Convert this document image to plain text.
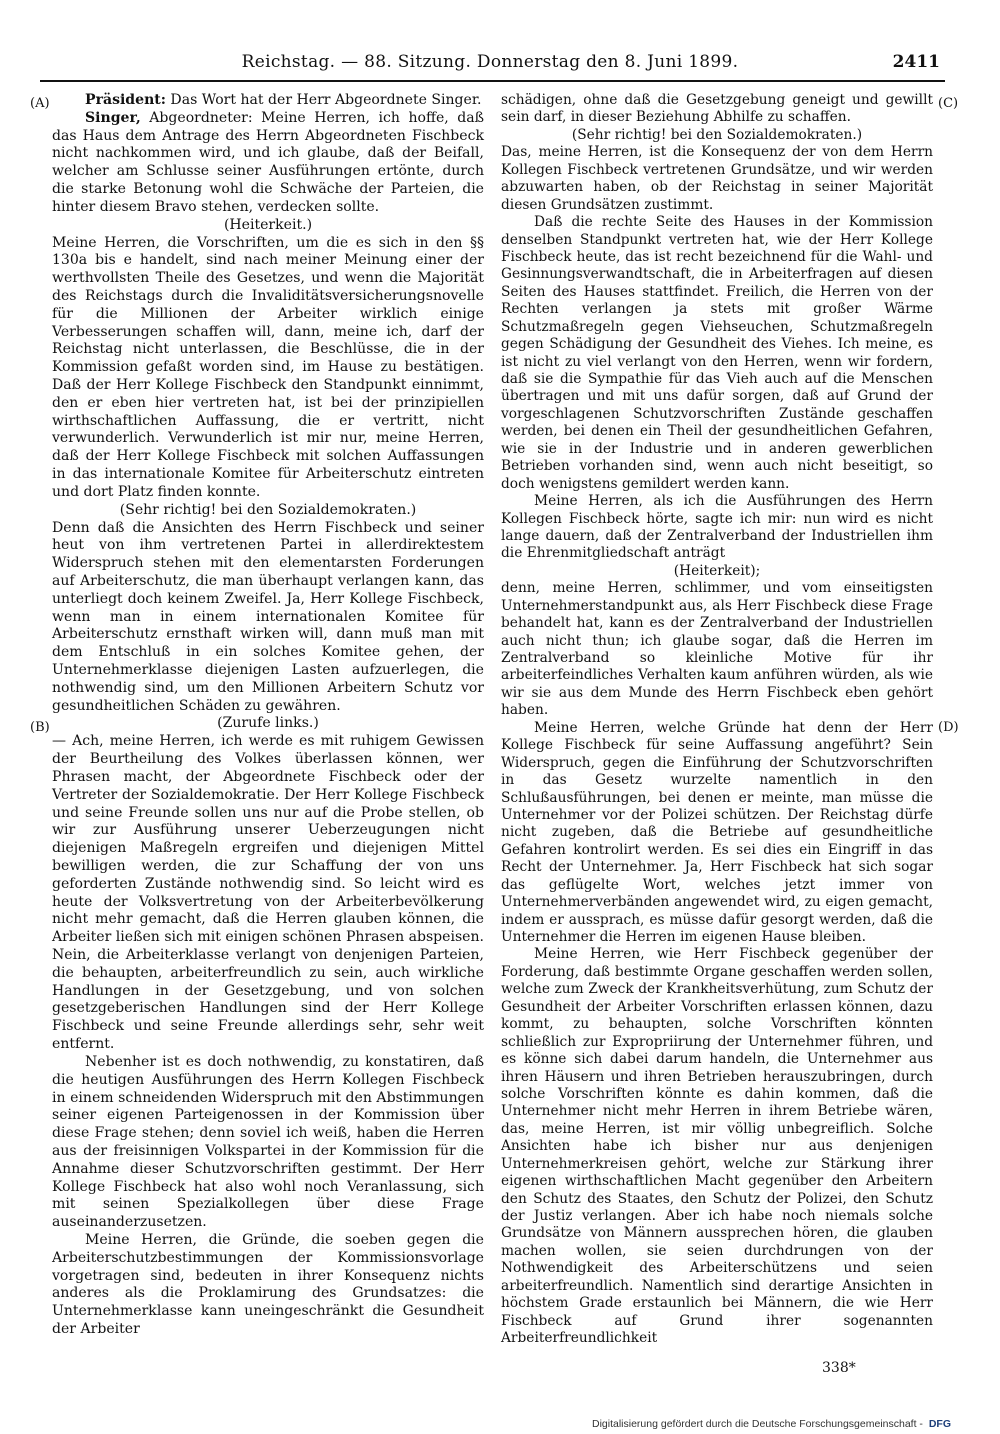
Reichstag. — 88. Sitzung. Donnerstag den 8. Juni 1899.	2411
(A)
(B)
(C)
(D)

Präsident: Das Wort hat der Herr Abgeordnete Singer.

Singer, Abgeordneter: Meine Herren, ich hoffe, daß das Haus dem Antrage des Herrn Abgeordneten Fischbeck nicht nachkommen wird, und ich glaube, daß der Beifall, welcher am Schlusse seiner Ausführungen ertönte, durch die starke Betonung wohl die Schwäche der Parteien, die hinter diesem Bravo stehen, verdecken sollte.

(Heiterkeit.)

Meine Herren, die Vorschriften, um die es sich in den §§ 130a bis e handelt, sind nach meiner Meinung einer der werthvollsten Theile des Gesetzes, und wenn die Majorität des Reichstags durch die Invaliditätsversicherungsnovelle für die Millionen der Arbeiter wirklich einige Verbesserungen schaffen will, dann, meine ich, darf der Reichstag nicht unterlassen, die Beschlüsse, die in der Kommission gefaßt worden sind, im Hause zu bestätigen. Daß der Herr Kollege Fischbeck den Standpunkt einnimmt, den er eben hier vertreten hat, ist bei der prinzipiellen wirthschaftlichen Auffassung, die er vertritt, nicht verwunderlich. Verwunderlich ist mir nur, meine Herren, daß der Herr Kollege Fischbeck mit solchen Auffassungen in das internationale Komitee für Arbeiterschutz eintreten und dort Platz finden konnte.

(Sehr richtig! bei den Sozialdemokraten.)

Denn daß die Ansichten des Herrn Fischbeck und seiner heut von ihm vertretenen Partei in allerdirektestem Widerspruch stehen mit den elementarsten Forderungen auf Arbeiterschutz, die man überhaupt verlangen kann, das unterliegt doch keinem Zweifel. Ja, Herr Kollege Fischbeck, wenn man in einem internationalen Komitee für Arbeiterschutz ernsthaft wirken will, dann muß man mit dem Entschluß in ein solches Komitee gehen, der Unternehmerklasse diejenigen Lasten aufzuerlegen, die nothwendig sind, um den Millionen Arbeitern Schutz vor gesundheitlichen Schäden zu gewähren.

(Zurufe links.)

— Ach, meine Herren, ich werde es mit ruhigem Gewissen der Beurtheilung des Volkes überlassen können, wer Phrasen macht, der Abgeordnete Fischbeck oder der Vertreter der Sozialdemokratie. Der Herr Kollege Fischbeck und seine Freunde sollen uns nur auf die Probe stellen, ob wir zur Ausführung unserer Ueberzeugungen nicht diejenigen Maßregeln ergreifen und diejenigen Mittel bewilligen werden, die zur Schaffung der von uns geforderten Zustände nothwendig sind. So leicht wird es heute der Volksvertretung von der Arbeiterbevölkerung nicht mehr gemacht, daß die Herren glauben können, die Arbeiter ließen sich mit einigen schönen Phrasen abspeisen. Nein, die Arbeiterklasse verlangt von denjenigen Parteien, die behaupten, arbeiterfreundlich zu sein, auch wirkliche Handlungen in der Gesetzgebung, und von solchen gesetzgeberischen Handlungen sind der Herr Kollege Fischbeck und seine Freunde allerdings sehr, sehr weit entfernt.

Nebenher ist es doch nothwendig, zu konstatiren, daß die heutigen Ausführungen des Herrn Kollegen Fischbeck in einem schneidenden Widerspruch mit den Abstimmungen seiner eigenen Parteigenossen in der Kommission über diese Frage stehen; denn soviel ich weiß, haben die Herren aus der freisinnigen Volkspartei in der Kommission für die Annahme dieser Schutzvorschriften gestimmt. Der Herr Kollege Fischbeck hat also wohl noch Veranlassung, sich mit seinen Spezialkollegen über diese Frage auseinanderzusetzen.

Meine Herren, die Gründe, die soeben gegen die Arbeiterschutzbestimmungen der Kommissionsvorlage vorgetragen sind, bedeuten in ihrer Konsequenz nichts anderes als die Proklamirung des Grundsatzes: die Unternehmerklasse kann uneingeschränkt die Gesundheit der Arbeiter

schädigen, ohne daß die Gesetzgebung geneigt und gewillt sein darf, in dieser Beziehung Abhilfe zu schaffen.

(Sehr richtig! bei den Sozialdemokraten.)

Das, meine Herren, ist die Konsequenz der von dem Herrn Kollegen Fischbeck vertretenen Grundsätze, und wir werden abzuwarten haben, ob der Reichstag in seiner Majorität diesen Grundsätzen zustimmt.

Daß die rechte Seite des Hauses in der Kommission denselben Standpunkt vertreten hat, wie der Herr Kollege Fischbeck heute, das ist recht bezeichnend für die Wahl- und Gesinnungsverwandtschaft, die in Arbeiterfragen auf diesen Seiten des Hauses stattfindet. Freilich, die Herren von der Rechten verlangen ja stets mit großer Wärme Schutzmaßregeln gegen Viehseuchen, Schutzmaßregeln gegen Schädigung der Gesundheit des Viehes. Ich meine, es ist nicht zu viel verlangt von den Herren, wenn wir fordern, daß sie die Sympathie für das Vieh auch auf die Menschen übertragen und mit uns dafür sorgen, daß auf Grund der vorgeschlagenen Schutzvorschriften Zustände geschaffen werden, bei denen ein Theil der gesundheitlichen Gefahren, wie sie in der Industrie und in anderen gewerblichen Betrieben vorhanden sind, wenn auch nicht beseitigt, so doch wenigstens gemildert werden kann.

Meine Herren, als ich die Ausführungen des Herrn Kollegen Fischbeck hörte, sagte ich mir: nun wird es nicht lange dauern, daß der Zentralverband der Industriellen ihm die Ehrenmitgliedschaft anträgt

(Heiterkeit);

denn, meine Herren, schlimmer, und vom einseitigsten Unternehmerstandpunkt aus, als Herr Fischbeck diese Frage behandelt hat, kann es der Zentralverband der Industriellen auch nicht thun; ich glaube sogar, daß die Herren im Zentralverband so kleinliche Motive für ihr arbeiterfeindliches Verhalten kaum anführen würden, als wie wir sie aus dem Munde des Herrn Fischbeck eben gehört haben.

Meine Herren, welche Gründe hat denn der Herr Kollege Fischbeck für seine Auffassung angeführt? Sein Widerspruch, gegen die Einführung der Schutzvorschriften in das Gesetz wurzelte namentlich in den Schlußausführungen, bei denen er meinte, man müsse die Unternehmer vor der Polizei schützen. Der Reichstag dürfe nicht zugeben, daß die Betriebe auf gesundheitliche Gefahren kontrolirt werden. Es sei dies ein Eingriff in das Recht der Unternehmer. Ja, Herr Fischbeck hat sich sogar das geflügelte Wort, welches jetzt immer von Unternehmerverbänden angewendet wird, zu eigen gemacht, indem er aussprach, es müsse dafür gesorgt werden, daß die Unternehmer die Herren im eigenen Hause bleiben.

Meine Herren, wie Herr Fischbeck gegenüber der Forderung, daß bestimmte Organe geschaffen werden sollen, welche zum Zweck der Krankheitsverhütung, zum Schutz der Gesundheit der Arbeiter Vorschriften erlassen können, dazu kommt, zu behaupten, solche Vorschriften könnten schließlich zur Expropriirung der Unternehmer führen, und es könne sich dabei darum handeln, die Unternehmer aus ihren Häusern und ihren Betrieben herauszubringen, durch solche Vorschriften könnte es dahin kommen, daß die Unternehmer nicht mehr Herren in ihrem Betriebe wären, das, meine Herren, ist mir völlig unbegreiflich. Solche Ansichten habe ich bisher nur aus denjenigen Unternehmerkreisen gehört, welche zur Stärkung ihrer eigenen wirthschaftlichen Macht gegenüber den Arbeitern den Schutz des Staates, den Schutz der Polizei, den Schutz der Justiz verlangen. Aber ich habe noch niemals solche Grundsätze von Männern aussprechen hören, die glauben machen wollen, sie seien durchdrungen von der Nothwendigkeit des Arbeiterschützens und seien arbeiterfreundlich. Namentlich sind derartige Ansichten in höchstem Grade erstaunlich bei Männern, die wie Herr Fischbeck auf Grund ihrer sogenannten Arbeiterfreundlichkeit

338*
Digitalisierung gefördert durch die Deutsche Forschungsgemeinschaft - DFG
